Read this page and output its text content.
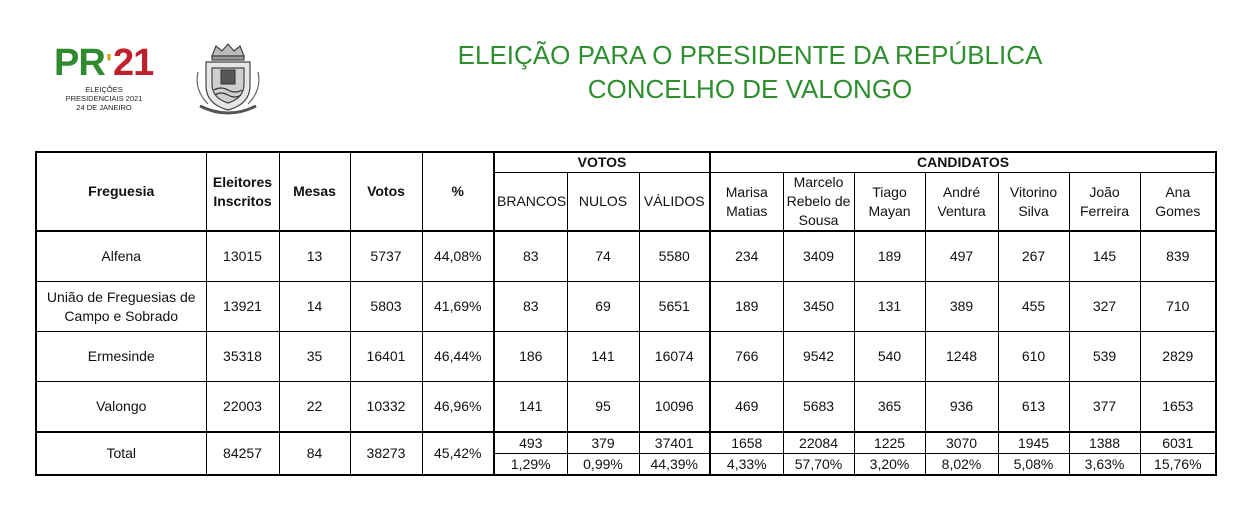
PR'21
ELEIÇÕES
PRESIDENCIAIS 2021
24 DE JANEIRO
ELEIÇÃO PARA O PRESIDENTE DA REPÚBLICA
CONCELHO DE VALONGO
Freguesia	Eleitores Inscritos	Mesas	Votos	%	VOTOS			CANDIDATOS						
					BRANCOS	NULOS	VÁLIDOS	Marisa Matias	Marcelo Rebelo de Sousa	Tiago Mayan	André Ventura	Vitorino Silva	João Ferreira	Ana Gomes
Alfena	13015	13	5737	44,08%	83	74	5580	234	3409	189	497	267	145	839
União de Freguesias de Campo e Sobrado	13921	14	5803	41,69%	83	69	5651	189	3450	131	389	455	327	710
Ermesinde	35318	35	16401	46,44%	186	141	16074	766	9542	540	1248	610	539	2829
Valongo	22003	22	10332	46,96%	141	95	10096	469	5683	365	936	613	377	1653
Total	84257	84	38273	45,42%	493	379	37401	1658	22084	1225	3070	1945	1388	6031
					1,29%	0,99%	44,39%	4,33%	57,70%	3,20%	8,02%	5,08%	3,63%	15,76%
